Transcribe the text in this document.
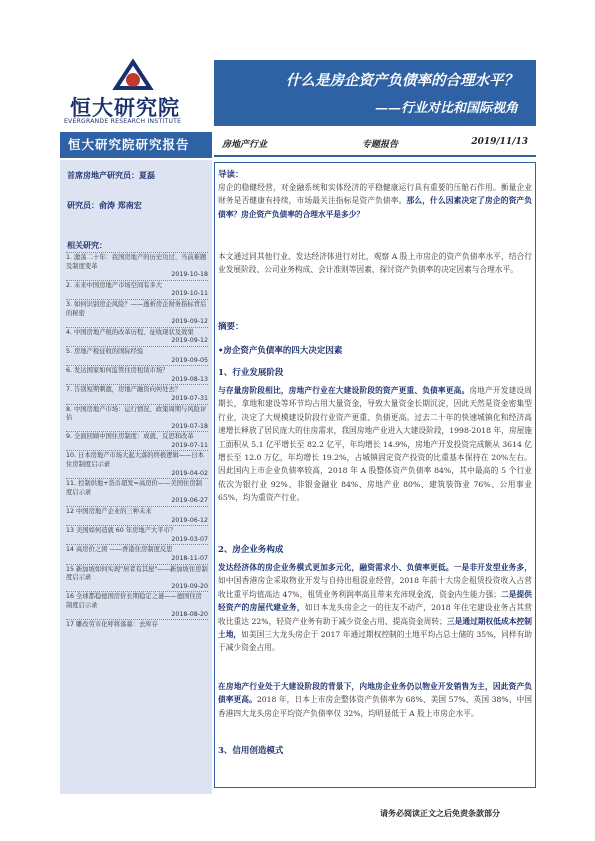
恒大研究院
EVERGRANDE RESEARCH INSTITUTE
什么是房企资产负债率的合理水平？
——行业对比和国际视角
恒大研究院研究报告	房地产行业	专题报告	2019/11/13
首席房地产研究员：夏磊
研究员：俞涛 郑南宏
相关研究：
1. 激荡二十年：我国房地产的历史功过、当前难题及制度变革
2019-10-18
2. 未来中国房地产市场空间有多大
2019-10-11
3. 如何识别房企风险？——透析房企财务指标背后的秘密
2019-09-12
4. 中国房地产税的改革历程、征收现状及效果
2019-09-12
5. 房地产税征收的国际经验
2019-09-05
6. 发达国家如何监管住房租赁市场？
2019-08-13
7. 告别短期刺激，房地产融资向何处去？
2019-07-31
8. 中国房地产市场：运行情况、政策周期与风险评估
2019-07-18
9. 全面回顾中国住房制度：成就、反思和改革
2019-07-11
10. 日本房地产市场大起大落的终极逻辑——日本住房制度启示录
2019-04-02
11. 控制供地+货币超发=高房价——美国住房制度启示录
2019-06-27
12 中国房地产企业的三种未来
2019-06-12
13 美国如何造就 60 年房地产大平市？
2019-03-07
14 高房价之困 ——香港住房制度反思
2018-11-07
15 新加坡如何实现"居者有其屋"——新加坡住房制度启示录
2019-09-20
16 全球都稳德国房价长期稳定之谜——德国住房制度启示录
2018-08-20
17 雕改劳市化呼将落幕：去库存
导读：
房企的稳健经营，对金融系统和实体经济的平稳健康运行具有重要的压舱石作用。衡量企业财务是否健康有持续，市场最关注指标是资产负债率。那么，什么因素决定了房企的资产负债率？房企资产负债率的合理水平是多少？
本文通过同其他行业、发达经济体进行对比，观察 A 股上市房企的资产负债率水平，结合行业发展阶段、公司业务构成、会计准则等因素，探讨资产负债率的决定因素与合理水平。
摘要：
•房企资产负债率的四大决定因素
1、行业发展阶段
与存量房阶段相比，房地产行业在大建设阶段的资产更重、负债率更高。房地产开发建设周期长，拿地和建设等环节均占用大量资金，导致大量资金长期沉淀，因此天然是资金密集型行业，决定了大规模建设阶段行业资产更重、负债更高。过去二十年的快速城镇化和经济高速增长释放了居民庞大的住房需求，我国房地产业进入大建设阶段，1998-2018 年，房屋施工面积从 5.1 亿平增长至 82.2 亿平，年均增长 14.9%，房地产开发投资完成额从 3614 亿增长至 12.0 万亿，年均增长 19.2%，占城镇固定资产投资的比重基本保持在 20%左右。因此国内上市企业负债率较高，2018 年 A 股整体资产负债率 84%，其中最高的 5 个行业依次为银行业 92%、非银金融业 84%、房地产业 80%、建筑装饰业 76%、公用事业 65%，均为重资产行业。
2、房企业务构成
发达经济体的房企业务模式更加多元化，融资需求小、负债率更低。一是非开发型业务多，如中国香港房企采取物业开发与自持出租混业经营，2018 年前十大房企租赁投资收入占营收比重平均值高达 47%，租赁业务利润率高且带来充沛现金流，资金内生能力强；二是提供轻资产的房屋代建业务，如日本龙头房企之一的住友不动产，2018 年住宅建设业务占其营收比重达 22%，轻资产业务有助于减少资金占用、提高资金周转；三是通过期权低成本控制土地，如美国三大龙头房企于 2017 年通过期权控制的土地平均占总土储的 35%，同样有助于减少资金占用。
在房地产行业处于大建设阶段的背景下，内地房企业务仍以物业开发销售为主，因此资产负债率更高。2018 年，日本上市房企整体资产负债率为 68%、美国 57%、英国 38%、中国香港四大龙头房企平均资产负债率仅 32%，均明显低于 A 股上市房企水平。
3、信用创造模式
请务必阅读正文之后免责条款部分
